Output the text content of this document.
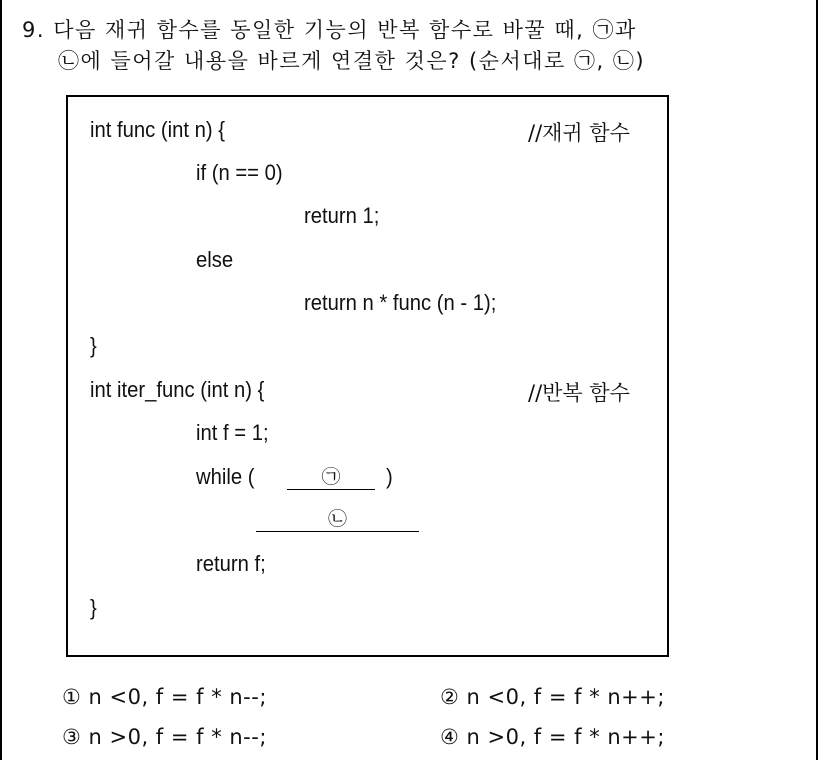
9. 다음 재귀 함수를 동일한 기능의 반복 함수로 바꿀 때, ㉠과
㉡에 들어갈 내용을 바르게 연결한 것은? (순서대로 ㉠, ㉡)
int func (int n) {	//재귀 함수
if (n == 0)
return 1;
else
return n * func (n - 1);
}
int iter_func (int n) {	//반복 함수
int f = 1;
while (	㉠	)
㉡
return f;
}
① n <0, f = f * n--;	② n <0, f = f * n++;
③ n >0, f = f * n--;	④ n >0, f = f * n++;
